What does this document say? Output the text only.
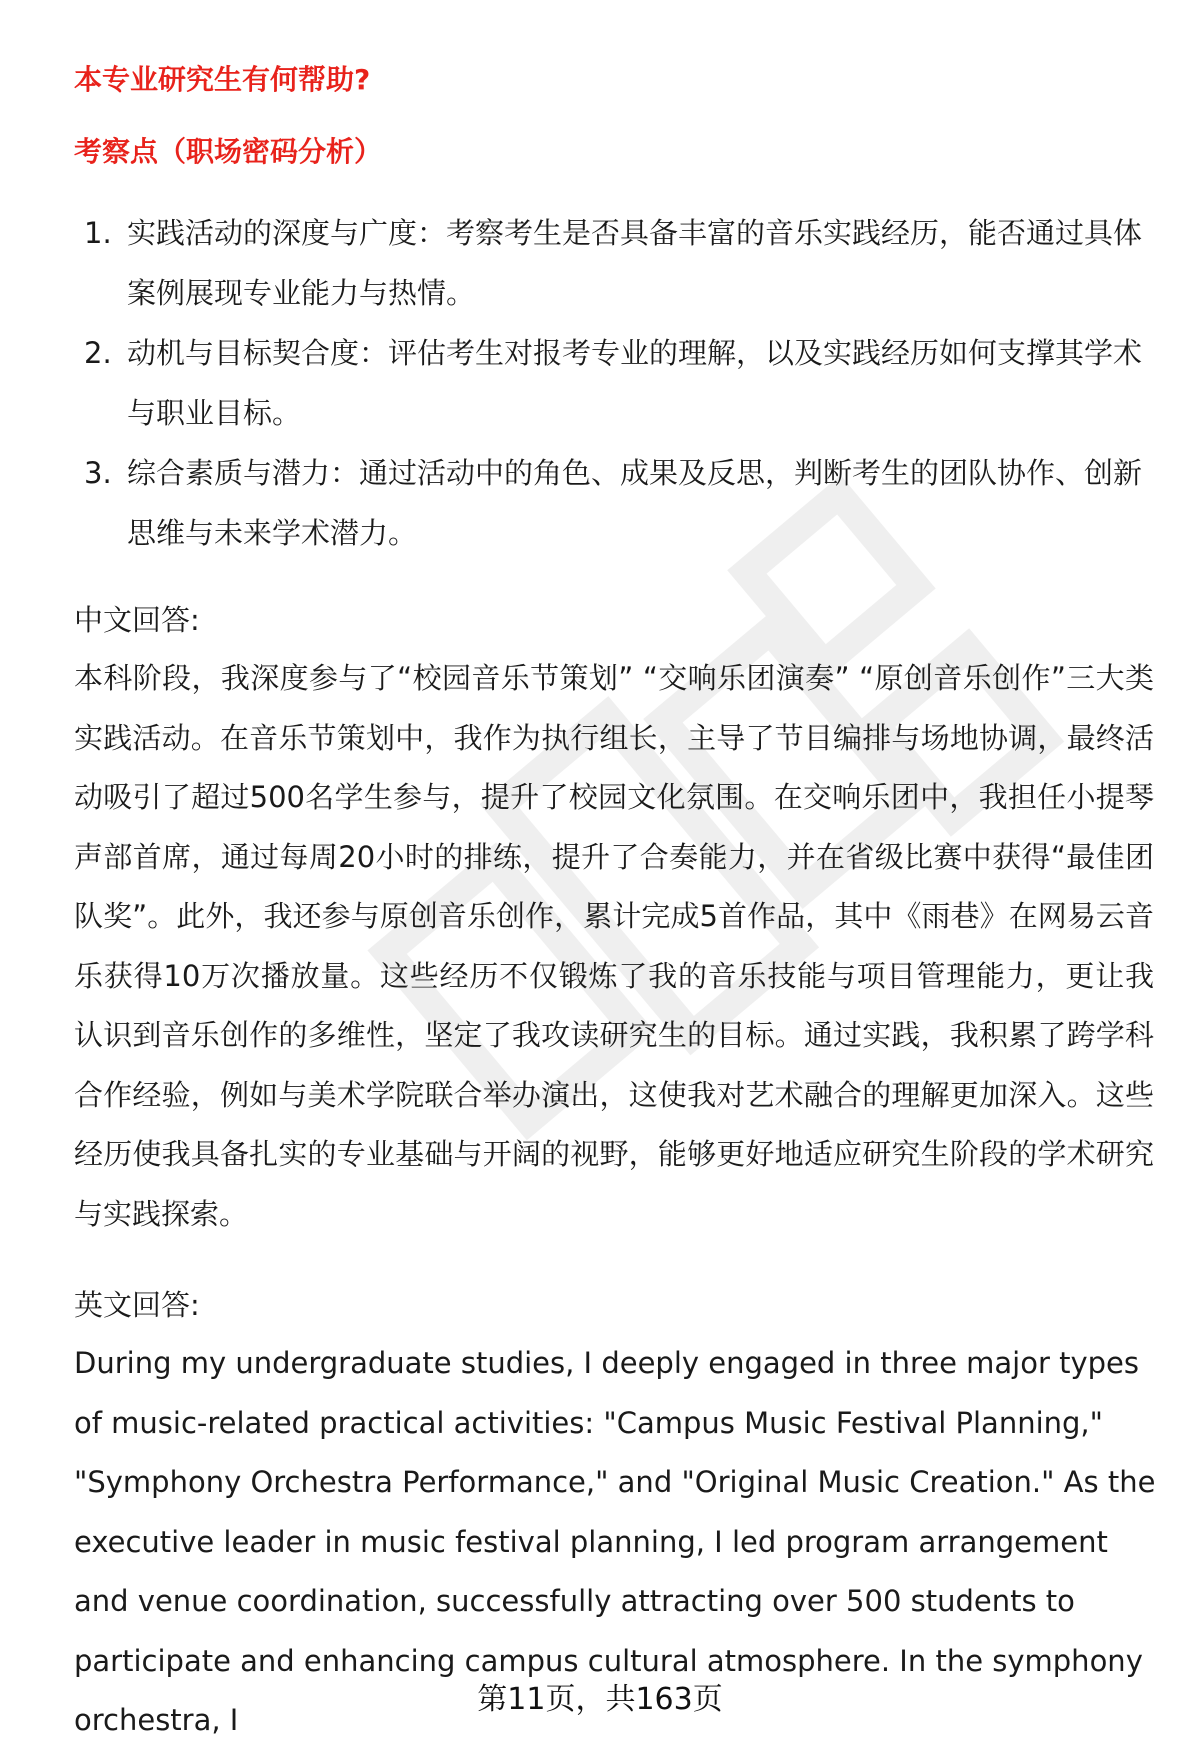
本专业研究生有何帮助?
考察点（职场密码分析）
1. 实践活动的深度与广度：考察考生是否具备丰富的音乐实践经历，能否通过具体案例展现专业能力与热情。
2. 动机与目标契合度：评估考生对报考专业的理解，以及实践经历如何支撑其学术与职业目标。
3. 综合素质与潜力：通过活动中的角色、成果及反思，判断考生的团队协作、创新思维与未来学术潜力。
中文回答:

本科阶段，我深度参与了“校园音乐节策划” “交响乐团演奏” “原创音乐创作”三大类实践活动。在音乐节策划中，我作为执行组长，主导了节目编排与场地协调，最终活动吸引了超过500名学生参与，提升了校园文化氛围。在交响乐团中，我担任小提琴声部首席，通过每周20小时的排练，提升了合奏能力，并在省级比赛中获得“最佳团队奖”。此外，我还参与原创音乐创作，累计完成5首作品，其中《雨巷》在网易云音乐获得10万次播放量。这些经历不仅锻炼了我的音乐技能与项目管理能力，更让我认识到音乐创作的多维性，坚定了我攻读研究生的目标。通过实践，我积累了跨学科合作经验，例如与美术学院联合举办演出，这使我对艺术融合的理解更加深入。这些经历使我具备扎实的专业基础与开阔的视野，能够更好地适应研究生阶段的学术研究与实践探索。

英文回答:

During my undergraduate studies, I deeply engaged in three major types of music-related practical activities: "Campus Music Festival Planning," "Symphony Orchestra Performance," and "Original Music Creation." As the executive leader in music festival planning, I led program arrangement and venue coordination, successfully attracting over 500 students to participate and enhancing campus cultural atmosphere. In the symphony orchestra, I

第11页，共163页
